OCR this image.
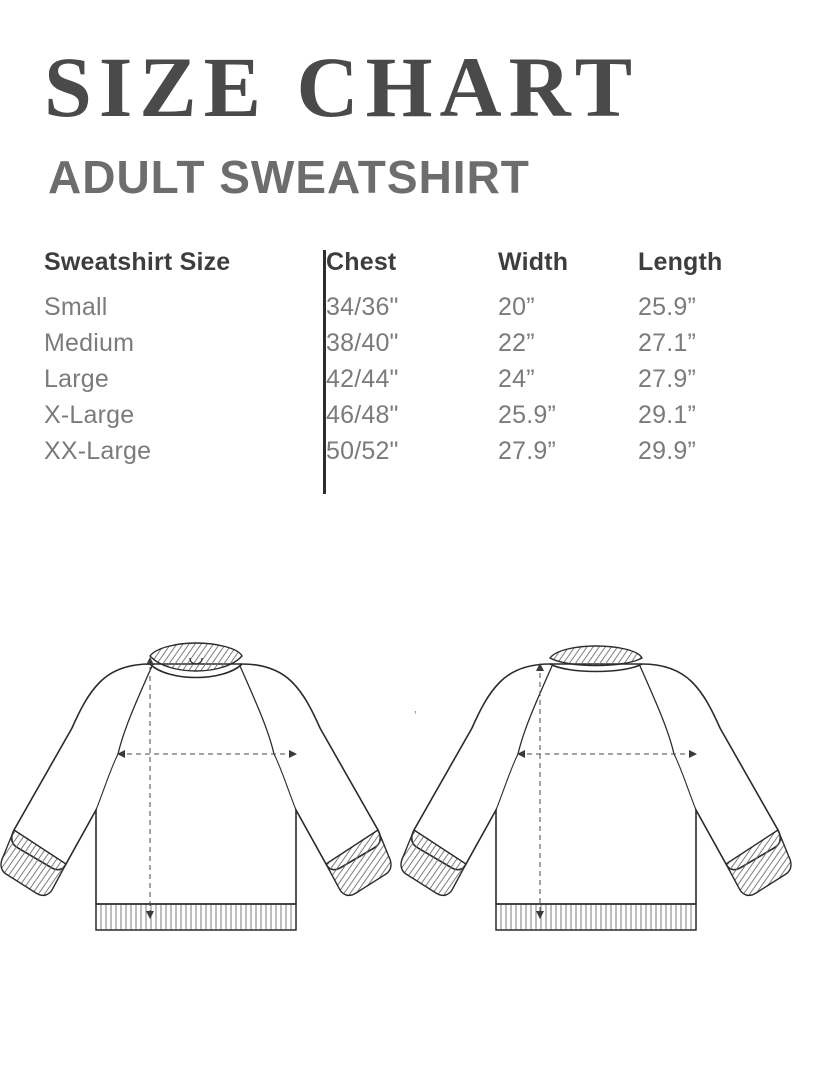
SIZE CHART
ADULT SWEATSHIRT
Sweatshirt Size	Chest	Width	Length
Small	34/36"	20”	25.9”
Medium	38/40"	22”	27.1”
Large	42/44"	24”	27.9”
X-Large	46/48"	25.9”	29.1”
XX-Large	50/52"	27.9”	29.9”
’
